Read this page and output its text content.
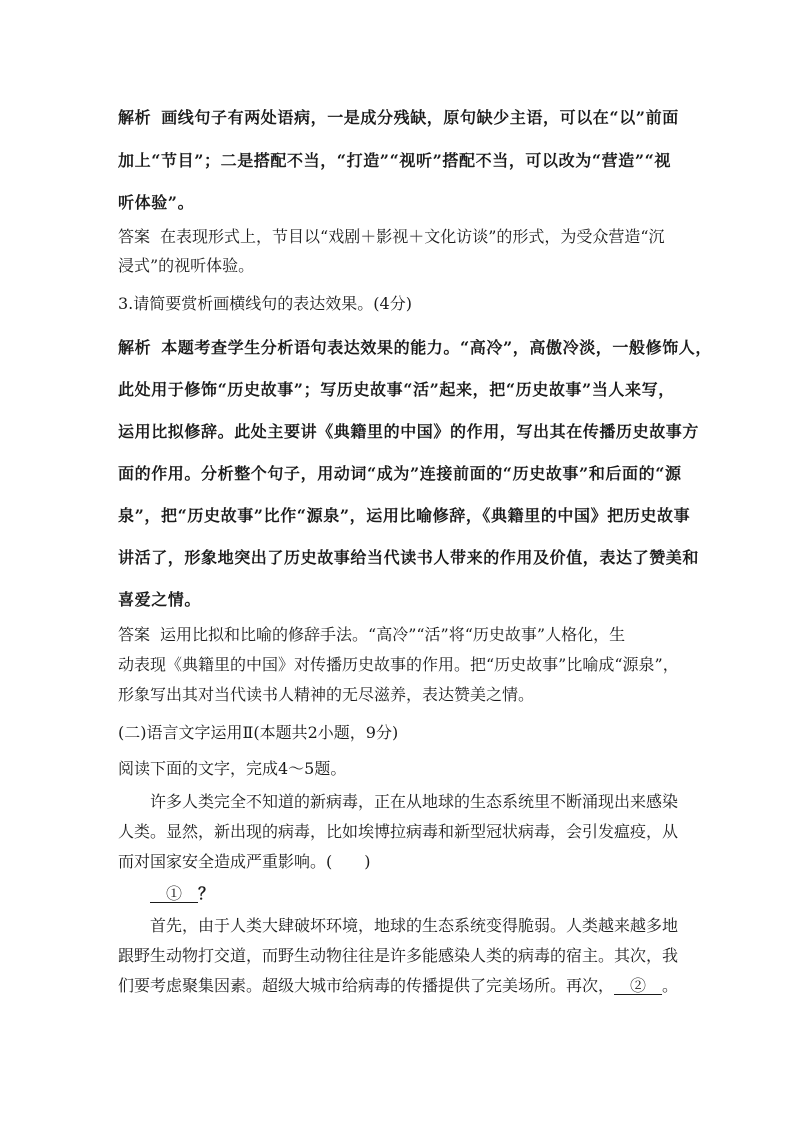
解析 画线句子有两处语病，一是成分残缺，原句缺少主语，可以在“以”前面
加上“节目”；二是搭配不当，“打造”“视听”搭配不当，可以改为“营造”“视
听体验”。
答案 在表现形式上，节目以“戏剧＋影视＋文化访谈”的形式，为受众营造“沉
浸式”的视听体验。
3.请简要赏析画横线句的表达效果。(4分)
解析 本题考查学生分析语句表达效果的能力。“高冷”，高傲冷淡，一般修饰人，
此处用于修饰“历史故事”；写历史故事“活”起来，把“历史故事”当人来写，
运用比拟修辞。此处主要讲《典籍里的中国》的作用，写出其在传播历史故事方
面的作用。分析整个句子，用动词“成为”连接前面的“历史故事”和后面的“源
泉”，把“历史故事”比作“源泉”，运用比喻修辞，《典籍里的中国》把历史故事
讲活了，形象地突出了历史故事给当代读书人带来的作用及价值，表达了赞美和
喜爱之情。
答案 运用比拟和比喻的修辞手法。“高冷”“活”将“历史故事”人格化，生
动表现《典籍里的中国》对传播历史故事的作用。把“历史故事”比喻成“源泉”，
形象写出其对当代读书人精神的无尽滋养，表达赞美之情。
(二)语言文字运用Ⅱ(本题共2小题，9分)
阅读下面的文字，完成4～5题。
许多人类完全不知道的新病毒，正在从地球的生态系统里不断涌现出来感染
人类。显然，新出现的病毒，比如埃博拉病毒和新型冠状病毒，会引发瘟疫，从
而对国家安全造成严重影响。(　　)
　①　？
首先，由于人类大肆破坏环境，地球的生态系统变得脆弱。人类越来越多地
跟野生动物打交道，而野生动物往往是许多能感染人类的病毒的宿主。其次，我
们要考虑聚集因素。超级大城市给病毒的传播提供了完美场所。再次，　②　。
